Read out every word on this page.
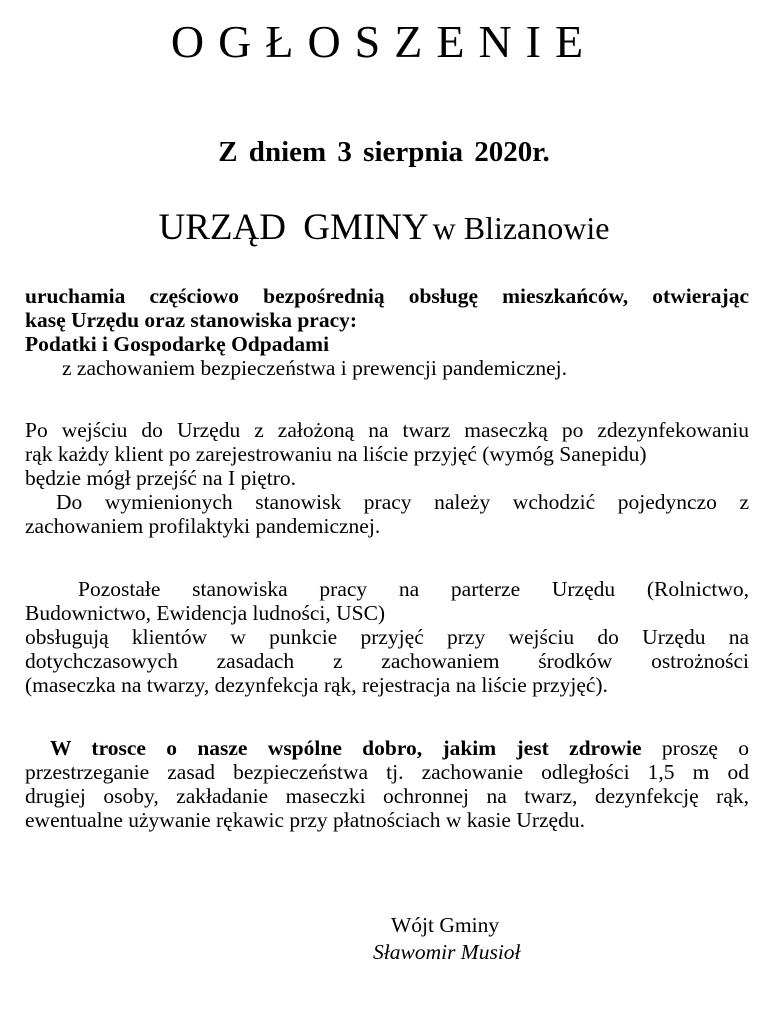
OGŁOSZENIE
Z dniem 3 sierpnia 2020r.
URZĄD GMINY w Blizanowie
uruchamia częściowo bezpośrednią obsługę mieszkańców, otwierając
kasę Urzędu oraz stanowiska pracy:
Podatki i Gospodarkę Odpadami
z zachowaniem bezpieczeństwa i prewencji pandemicznej.
Po wejściu do Urzędu z założoną na twarz maseczką po zdezynfekowaniu
rąk każdy klient po zarejestrowaniu na liście przyjęć (wymóg Sanepidu)
będzie mógł przejść na I piętro.
Do wymienionych stanowisk pracy należy wchodzić pojedynczo z
zachowaniem profilaktyki pandemicznej.
Pozostałe stanowiska pracy na parterze Urzędu (Rolnictwo,
Budownictwo, Ewidencja ludności, USC)
obsługują klientów w punkcie przyjęć przy wejściu do Urzędu na
dotychczasowych zasadach z zachowaniem środków ostrożności
(maseczka na twarzy, dezynfekcja rąk, rejestracja na liście przyjęć).
W trosce o nasze wspólne dobro, jakim jest zdrowie proszę o
przestrzeganie zasad bezpieczeństwa tj. zachowanie odległości 1,5 m od
drugiej osoby, zakładanie maseczki ochronnej na twarz, dezynfekcję rąk,
ewentualne używanie rękawic przy płatnościach w kasie Urzędu.
Wójt Gminy
Sławomir Musioł
